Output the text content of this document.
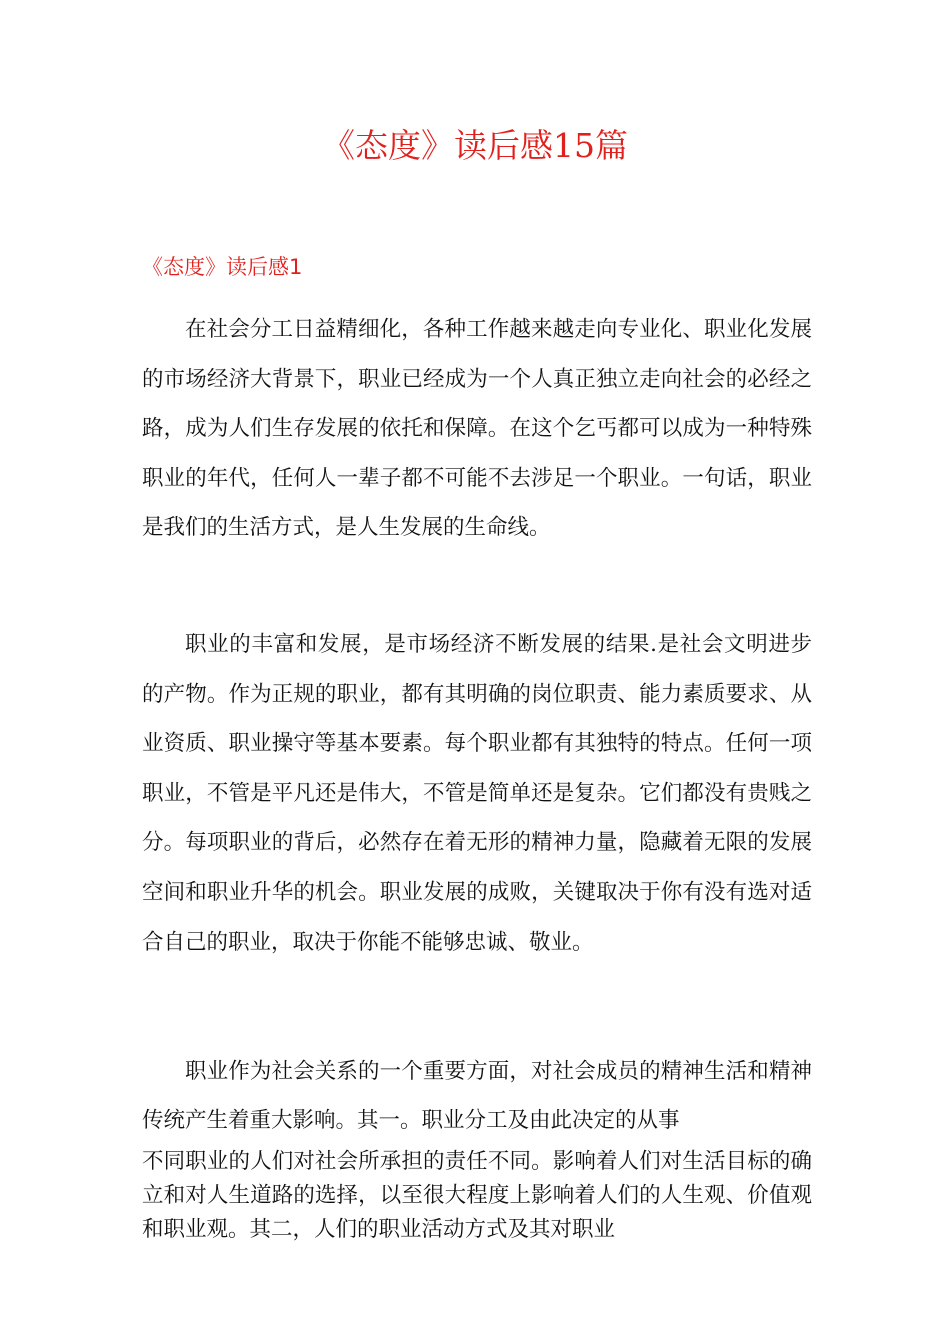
《态度》读后感15篇
《态度》读后感1

在社会分工日益精细化，各种工作越来越走向专业化、职业化发展的市场经济大背景下，职业已经成为一个人真正独立走向社会的必经之路，成为人们生存发展的依托和保障。在这个乞丐都可以成为一种特殊职业的年代，任何人一辈子都不可能不去涉足一个职业。一句话，职业是我们的生活方式，是人生发展的生命线。

职业的丰富和发展，是市场经济不断发展的结果.是社会文明进步的产物。作为正规的职业，都有其明确的岗位职责、能力素质要求、从业资质、职业操守等基本要素。每个职业都有其独特的特点。任何一项职业，不管是平凡还是伟大，不管是简单还是复杂。它们都没有贵贱之分。每项职业的背后，必然存在着无形的精神力量，隐藏着无限的发展空间和职业升华的机会。职业发展的成败，关键取决于你有没有选对适合自己的职业，取决于你能不能够忠诚、敬业。

职业作为社会关系的一个重要方面，对社会成员的精神生活和精神传统产生着重大影响。其一。职业分工及由此决定的从事
不同职业的人们对社会所承担的责任不同。影响着人们对生活目标的确立和对人生道路的选择，以至很大程度上影响着人们的人生观、价值观和职业观。其二，人们的职业活动方式及其对职业
